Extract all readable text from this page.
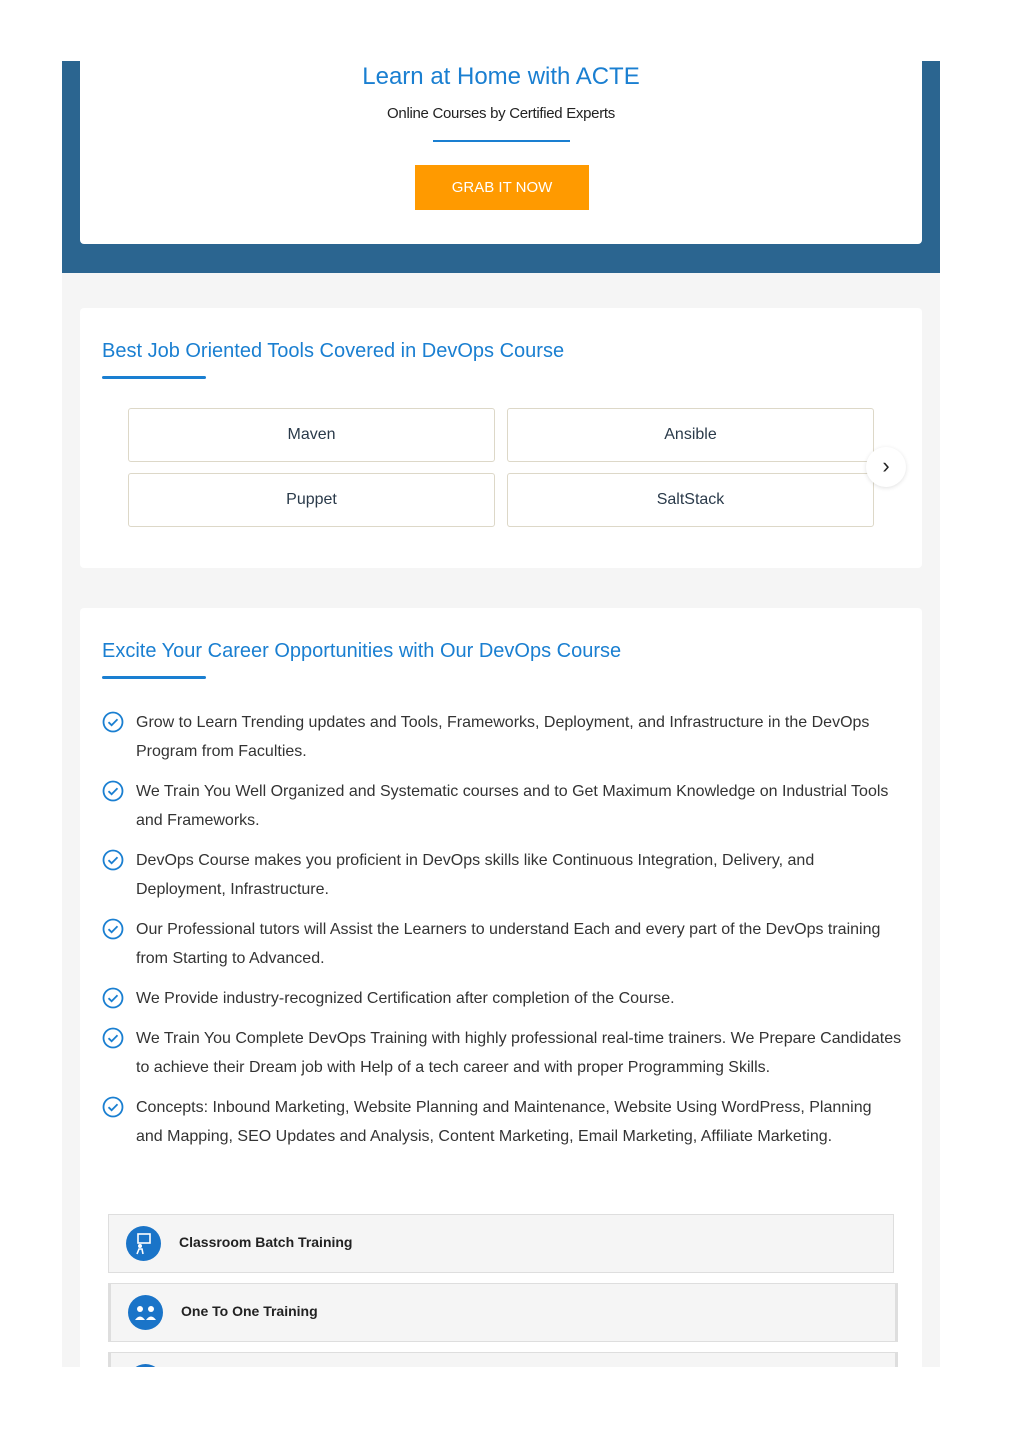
Learn at Home with ACTE
Online Courses by Certified Experts
GRAB IT NOW
Best Job Oriented Tools Covered in DevOps Course
Maven	Ansible
Puppet	SaltStack
›
Excite Your Career Opportunities with Our DevOps Course
Grow to Learn Trending updates and Tools, Frameworks, Deployment, and Infrastructure in the DevOps Program from Faculties.
We Train You Well Organized and Systematic courses and to Get Maximum Knowledge on Industrial Tools and Frameworks.
DevOps Course makes you proficient in DevOps skills like Continuous Integration, Delivery, and Deployment, Infrastructure.
Our Professional tutors will Assist the Learners to understand Each and every part of the DevOps training from Starting to Advanced.
We Provide industry-recognized Certification after completion of the Course.
We Train You Complete DevOps Training with highly professional real-time trainers. We Prepare Candidates to achieve their Dream job with Help of a tech career and with proper Programming Skills.
Concepts: Inbound Marketing, Website Planning and Maintenance, Website Using WordPress, Planning and Mapping, SEO Updates and Analysis, Content Marketing, Email Marketing, Affiliate Marketing.
Classroom Batch Training
One To One Training
